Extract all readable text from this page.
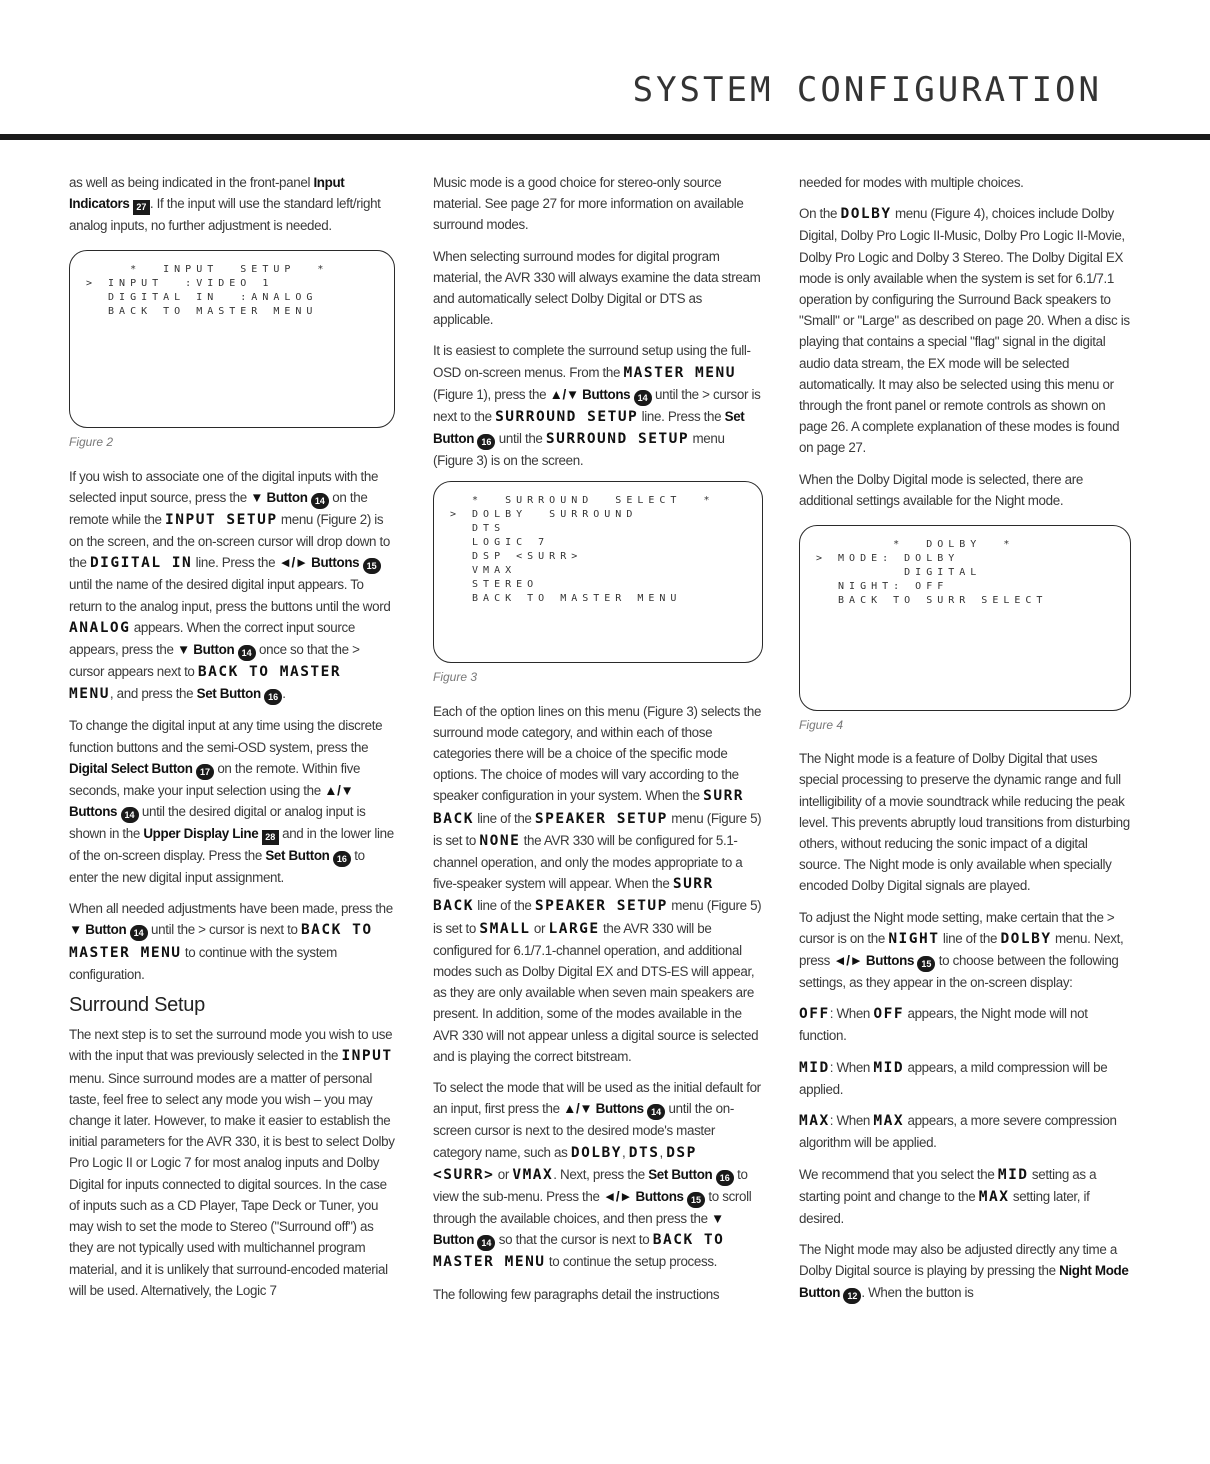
SYSTEM CONFIGURATION

as well as being indicated in the front-panel Input Indicators 27 . If the input will use the standard left/right analog inputs, no further adjustment is needed.

*  INPUT  SETUP  *
> INPUT  :VIDEO 1
DIGITAL IN  :ANALOG
BACK TO MASTER MENU
Figure 2

If you wish to associate one of the digital inputs with the selected input source, press the ▼ Button 14 on the remote while the INPUT SETUP menu (Figure 2) is on the screen, and the on-screen cursor will drop down to the DIGITAL IN line. Press the ◄/► Buttons 15 until the name of the desired digital input appears. To return to the analog input, press the buttons until the word ANALOG appears. When the correct input source appears, press the ▼ Button 14 once so that the > cursor appears next to BACK TO MASTER MENU, and press the Set Button 16 .

To change the digital input at any time using the discrete function buttons and the semi-OSD system, press the Digital Select Button 17 on the remote. Within five seconds, make your input selection using the ▲/▼ Buttons 14 until the desired digital or analog input is shown in the Upper Display Line 28 and in the lower line of the on-screen display. Press the Set Button 16 to enter the new digital input assignment.

When all needed adjustments have been made, press the ▼ Button 14 until the > cursor is next to BACK TO MASTER MENU to continue with the system configuration.

Surround Setup

The next step is to set the surround mode you wish to use with the input that was previously selected in the INPUT menu. Since surround modes are a matter of personal taste, feel free to select any mode you wish – you may change it later. However, to make it easier to establish the initial parameters for the AVR 330, it is best to select Dolby Pro Logic II or Logic 7 for most analog inputs and Dolby Digital for inputs connected to digital sources. In the case of inputs such as a CD Player, Tape Deck or Tuner, you may wish to set the mode to Stereo ("Surround off") as they are not typically used with multichannel program material, and it is unlikely that surround-encoded material will be used. Alternatively, the Logic 7

Music mode is a good choice for stereo-only source material. See page 27 for more information on available surround modes.

When selecting surround modes for digital program material, the AVR 330 will always examine the data stream and automatically select Dolby Digital or DTS as applicable.

It is easiest to complete the surround setup using the full-OSD on-screen menus. From the MASTER MENU (Figure 1), press the ▲/▼ Buttons 14 until the > cursor is next to the SURROUND SETUP line. Press the Set Button 16 until the SURROUND SETUP menu (Figure 3) is on the screen.

*  SURROUND  SELECT  *
> DOLBY  SURROUND
DTS
LOGIC 7
DSP <SURR>
VMAX
STEREO
BACK TO MASTER MENU
Figure 3

Each of the option lines on this menu (Figure 3) selects the surround mode category, and within each of those categories there will be a choice of the specific mode options. The choice of modes will vary according to the speaker configuration in your system. When the SURR BACK line of the SPEAKER SETUP menu (Figure 5) is set to NONE the AVR 330 will be configured for 5.1-channel operation, and only the modes appropriate to a five-speaker system will appear. When the SURR BACK line of the SPEAKER SETUP menu (Figure 5) is set to SMALL or LARGE the AVR 330 will be configured for 6.1/7.1-channel operation, and additional modes such as Dolby Digital EX and DTS-ES will appear, as they are only available when seven main speakers are present. In addition, some of the modes available in the AVR 330 will not appear unless a digital source is selected and is playing the correct bitstream.

To select the mode that will be used as the initial default for an input, first press the ▲/▼ Buttons 14 until the on-screen cursor is next to the desired mode's master category name, such as DOLBY, DTS, DSP <SURR> or VMAX. Next, press the Set Button 16 to view the sub-menu. Press the ◄/► Buttons 15 to scroll through the available choices, and then press the ▼ Button 14 so that the cursor is next to BACK TO MASTER MENU to continue the setup process.

The following few paragraphs detail the instructions

needed for modes with multiple choices.

On the DOLBY menu (Figure 4), choices include Dolby Digital, Dolby Pro Logic II-Music, Dolby Pro Logic II-Movie, Dolby Pro Logic and Dolby 3 Stereo. The Dolby Digital EX mode is only available when the system is set for 6.1/7.1 operation by configuring the Surround Back speakers to "Small" or "Large" as described on page 20. When a disc is playing that contains a special "flag" signal in the digital audio data stream, the EX mode will be selected automatically. It may also be selected using this menu or through the front panel or remote controls as shown on page 26. A complete explanation of these modes is found on page 27.

When the Dolby Digital mode is selected, there are additional settings available for the Night mode.

*  DOLBY  *
> MODE: DOLBY
DIGITAL
NIGHT: OFF
BACK TO SURR SELECT
Figure 4

The Night mode is a feature of Dolby Digital that uses special processing to preserve the dynamic range and full intelligibility of a movie soundtrack while reducing the peak level. This prevents abruptly loud transitions from disturbing others, without reducing the sonic impact of a digital source. The Night mode is only available when specially encoded Dolby Digital signals are played.

To adjust the Night mode setting, make certain that the > cursor is on the NIGHT line of the DOLBY menu. Next, press ◄/► Buttons 15 to choose between the following settings, as they appear in the on-screen display:

OFF: When OFF appears, the Night mode will not function.

MID: When MID appears, a mild compression will be applied.

MAX: When MAX appears, a more severe compression algorithm will be applied.

We recommend that you select the MID setting as a starting point and change to the MAX setting later, if desired.

The Night mode may also be adjusted directly any time a Dolby Digital source is playing by pressing the Night Mode Button 12 . When the button is
